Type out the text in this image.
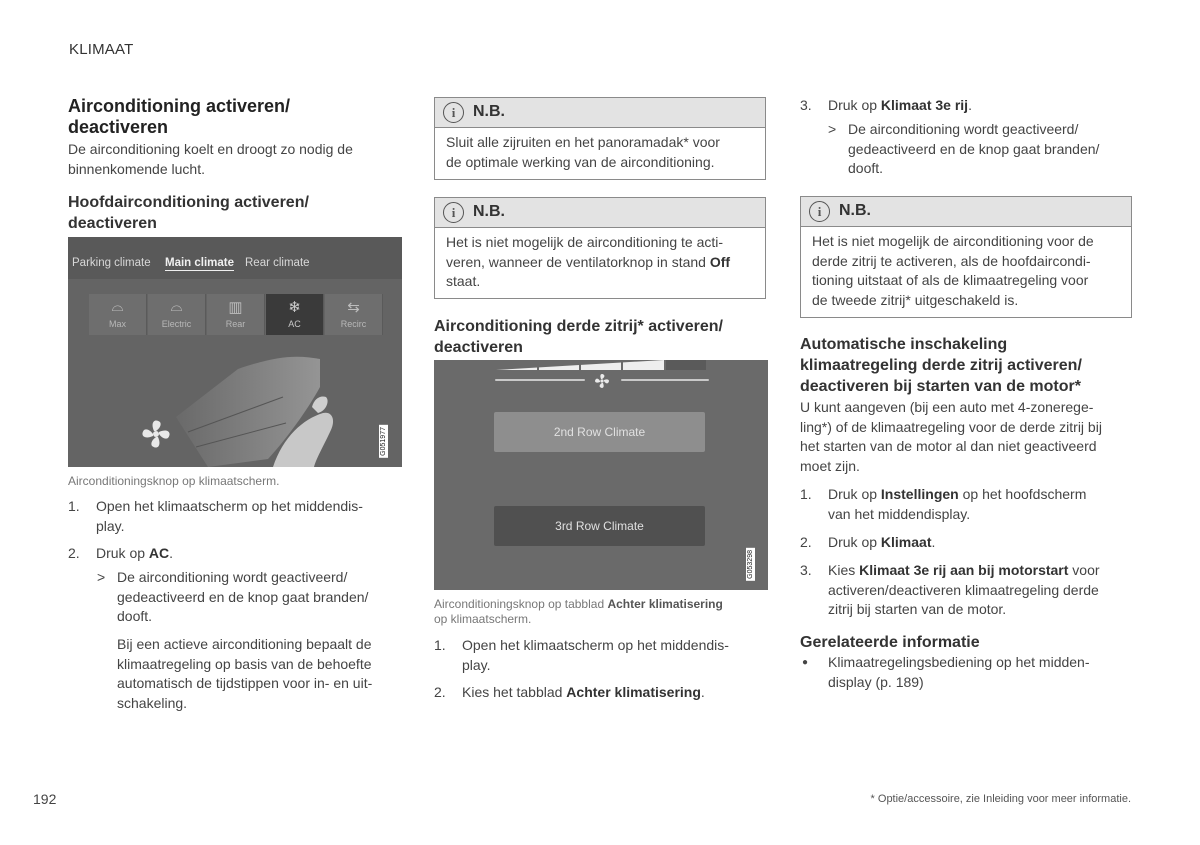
KLIMAAT
Airconditioning activeren/
deactiveren

De airconditioning koelt en droogt zo nodig de
binnenkomende lucht.

Hoofdairconditioning activeren/
deactiveren
Parking climate Main climate Rear climate
⌓
Max
⌓
Electric
▥
Rear
❄
AC
⇆
Recirc
G051977
Airconditioningsknop op klimaatscherm.
1. Open het klimaatscherm op het middendis-
play.
2. Druk op AC.
> De airconditioning wordt geactiveerd/
gedeactiveerd en de knop gaat branden/
dooft.

Bij een actieve airconditioning bepaalt de
klimaatregeling op basis van de behoefte
automatisch de tijdstippen voor in- en uit-
schakeling.

i	N.B.
Sluit alle zijruiten en het panoramadak* voor
de optimale werking van de airconditioning.
i	N.B.
Het is niet mogelijk de airconditioning te acti-
veren, wanneer de ventilatorknop in stand Off
staat.
Airconditioning derde zitrij* activeren/
deactiveren
2nd Row Climate
3rd Row Climate
G053298
Airconditioningsknop op tabblad Achter klimatisering
op klimaatscherm.
1. Open het klimaatscherm op het middendis-
play.
2. Kies het tabblad Achter klimatisering.
3. Druk op Klimaat 3e rij.
> De airconditioning wordt geactiveerd/
gedeactiveerd en de knop gaat branden/
dooft.
i	N.B.
Het is niet mogelijk de airconditioning voor de
derde zitrij te activeren, als de hoofdaircondi-
tioning uitstaat of als de klimaatregeling voor
de tweede zitrij* uitgeschakeld is.
Automatische inschakeling
klimaatregeling derde zitrij activeren/
deactiveren bij starten van de motor*

U kunt aangeven (bij een auto met 4-zonerege-
ling*) of de klimaatregeling voor de derde zitrij bij
het starten van de motor al dan niet geactiveerd
moet zijn.

1. Druk op Instellingen op het hoofdscherm
van het middendisplay.
2. Druk op Klimaat.
3. Kies Klimaat 3e rij aan bij motorstart voor
activeren/deactiveren klimaatregeling derde
zitrij bij starten van de motor.
Gerelateerde informatie
● Klimaatregelingsbediening op het midden-
display (p. 189)
192	* Optie/accessoire, zie Inleiding voor meer informatie.
